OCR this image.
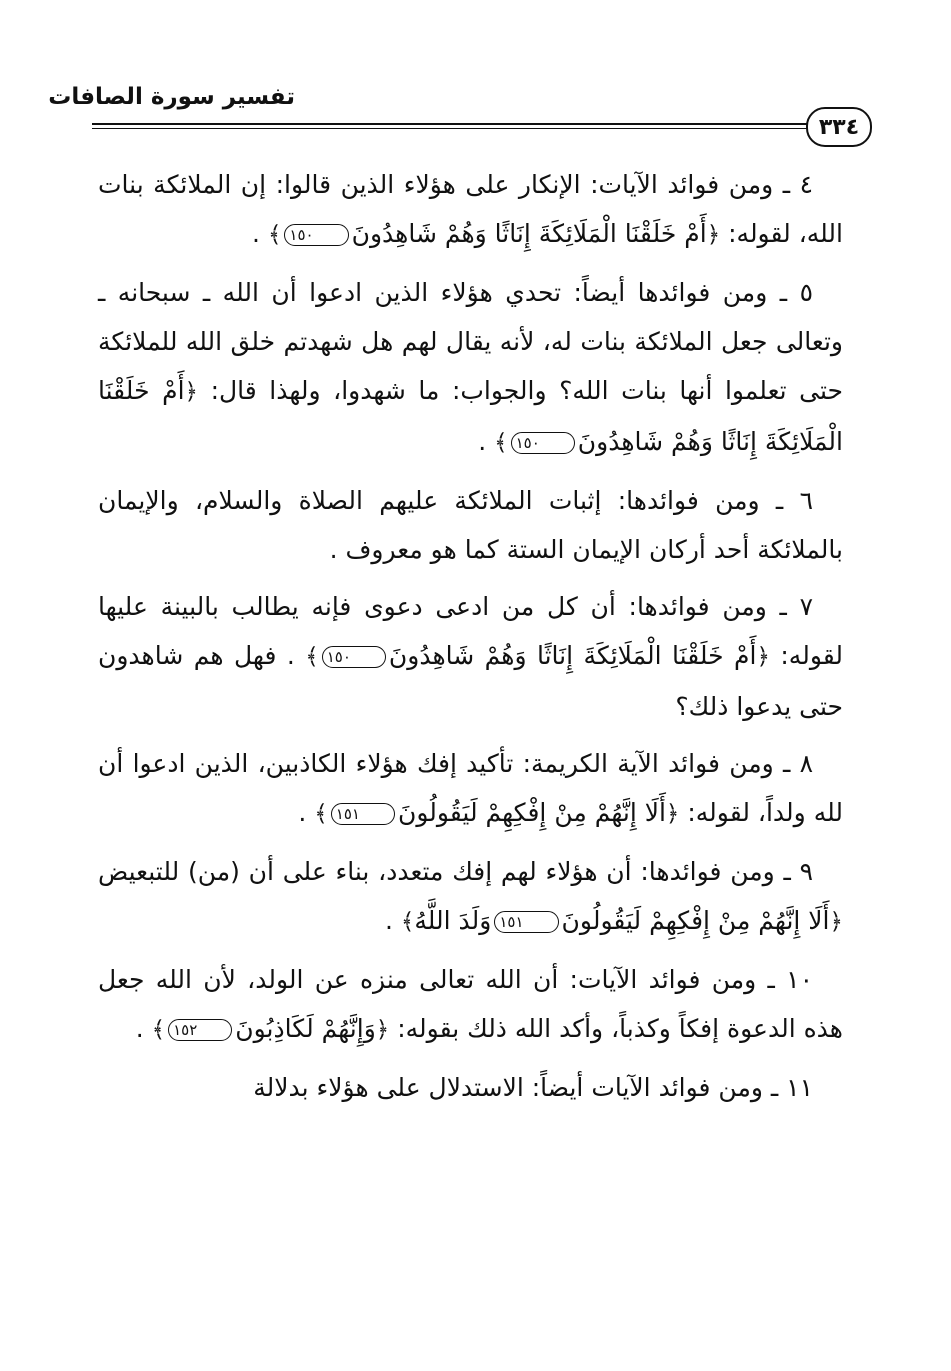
تفسير سورة الصافات
٣٣٤

٤ ـ ومن فوائد الآيات: الإنكار على هؤلاء الذين قالوا: إن الملائكة بنات الله، لقوله: ﴿أَمْ خَلَقْنَا الْمَلَائِكَةَ إِنَاثًا وَهُمْ شَاهِدُونَ١٥٠﴾ .

٥ ـ ومن فوائدها أيضاً: تحدي هؤلاء الذين ادعوا أن الله ـ سبحانه ـ وتعالى جعل الملائكة بنات له، لأنه يقال لهم هل شهدتم خلق الله للملائكة حتى تعلموا أنها بنات الله؟ والجواب: ما شهدوا، ولهذا قال: ﴿أَمْ خَلَقْنَا الْمَلَائِكَةَ إِنَاثًا وَهُمْ شَاهِدُونَ١٥٠﴾ .

٦ ـ ومن فوائدها: إثبات الملائكة عليهم الصلاة والسلام، والإيمان بالملائكة أحد أركان الإيمان الستة كما هو معروف .

٧ ـ ومن فوائدها: أن كل من ادعى دعوى فإنه يطالب بالبينة عليها لقوله: ﴿أَمْ خَلَقْنَا الْمَلَائِكَةَ إِنَاثًا وَهُمْ شَاهِدُونَ١٥٠﴾ . فهل هم شاهدون حتى يدعوا ذلك؟

٨ ـ ومن فوائد الآية الكريمة: تأكيد إفك هؤلاء الكاذبين، الذين ادعوا أن لله ولداً، لقوله: ﴿أَلَا إِنَّهُمْ مِنْ إِفْكِهِمْ لَيَقُولُونَ١٥١﴾ .

٩ ـ ومن فوائدها: أن هؤلاء لهم إفك متعدد، بناء على أن (من) للتبعيض ﴿أَلَا إِنَّهُمْ مِنْ إِفْكِهِمْ لَيَقُولُونَ١٥١وَلَدَ اللَّهُ﴾ .

١٠ ـ ومن فوائد الآيات: أن الله تعالى منزه عن الولد، لأن الله جعل هذه الدعوة إفكاً وكذباً، وأكد الله ذلك بقوله: ﴿وَإِنَّهُمْ لَكَاذِبُونَ١٥٢﴾ .

١١ ـ ومن فوائد الآيات أيضاً: الاستدلال على هؤلاء بدلالة
